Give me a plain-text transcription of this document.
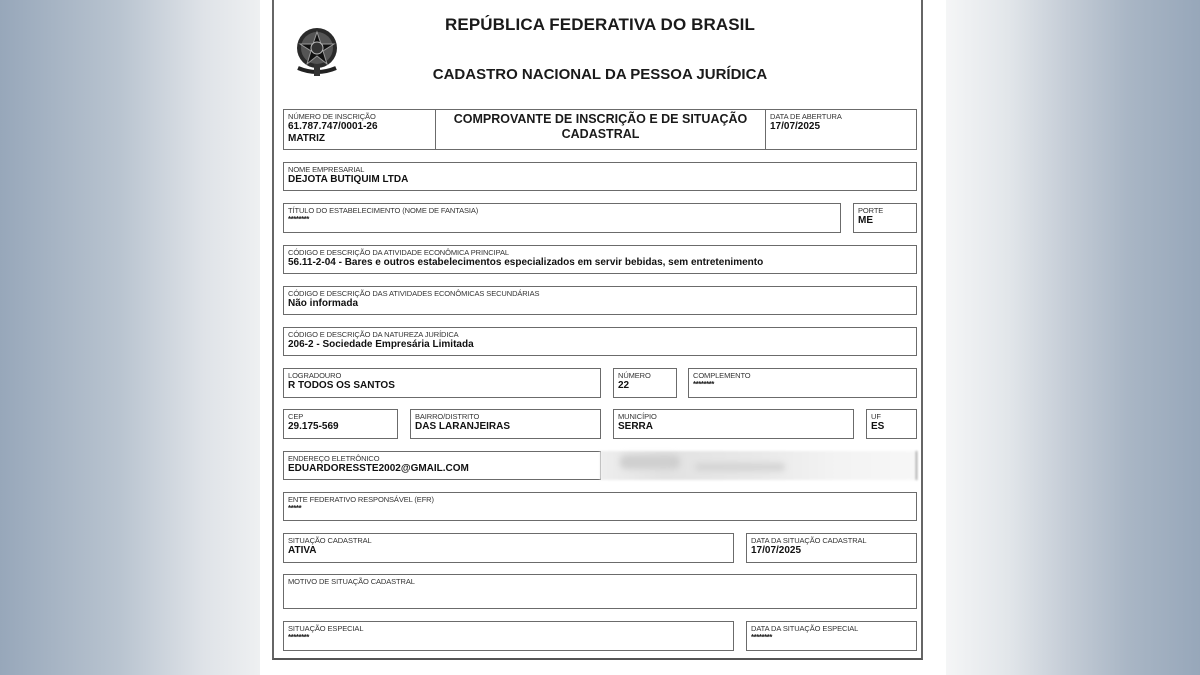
REPÚBLICA FEDERATIVA DO BRASIL
CADASTRO NACIONAL DA PESSOA JURÍDICA
NÚMERO DE INSCRIÇÃO
61.787.747/0001-26
MATRIZ
COMPROVANTE DE INSCRIÇÃO E DE SITUAÇÃO
CADASTRAL
DATA DE ABERTURA
17/07/2025
NOME EMPRESARIAL
DEJOTA BUTIQUIM LTDA
TÍTULO DO ESTABELECIMENTO (NOME DE FANTASIA)
********
PORTE
ME
CÓDIGO E DESCRIÇÃO DA ATIVIDADE ECONÔMICA PRINCIPAL
56.11-2-04 - Bares e outros estabelecimentos especializados em servir bebidas, sem entretenimento
CÓDIGO E DESCRIÇÃO DAS ATIVIDADES ECONÔMICAS SECUNDÁRIAS
Não informada
CÓDIGO E DESCRIÇÃO DA NATUREZA JURÍDICA
206-2 - Sociedade Empresária Limitada
LOGRADOURO
R TODOS OS SANTOS
NÚMERO
22
COMPLEMENTO
********
CEP
29.175-569
BAIRRO/DISTRITO
DAS LARANJEIRAS
MUNICÍPIO
SERRA
UF
ES
ENDEREÇO ELETRÔNICO
EDUARDORESSTE2002@GMAIL.COM
ENTE FEDERATIVO RESPONSÁVEL (EFR)
*****
SITUAÇÃO CADASTRAL
ATIVA
DATA DA SITUAÇÃO CADASTRAL
17/07/2025
MOTIVO DE SITUAÇÃO CADASTRAL
SITUAÇÃO ESPECIAL
********
DATA DA SITUAÇÃO ESPECIAL
********
